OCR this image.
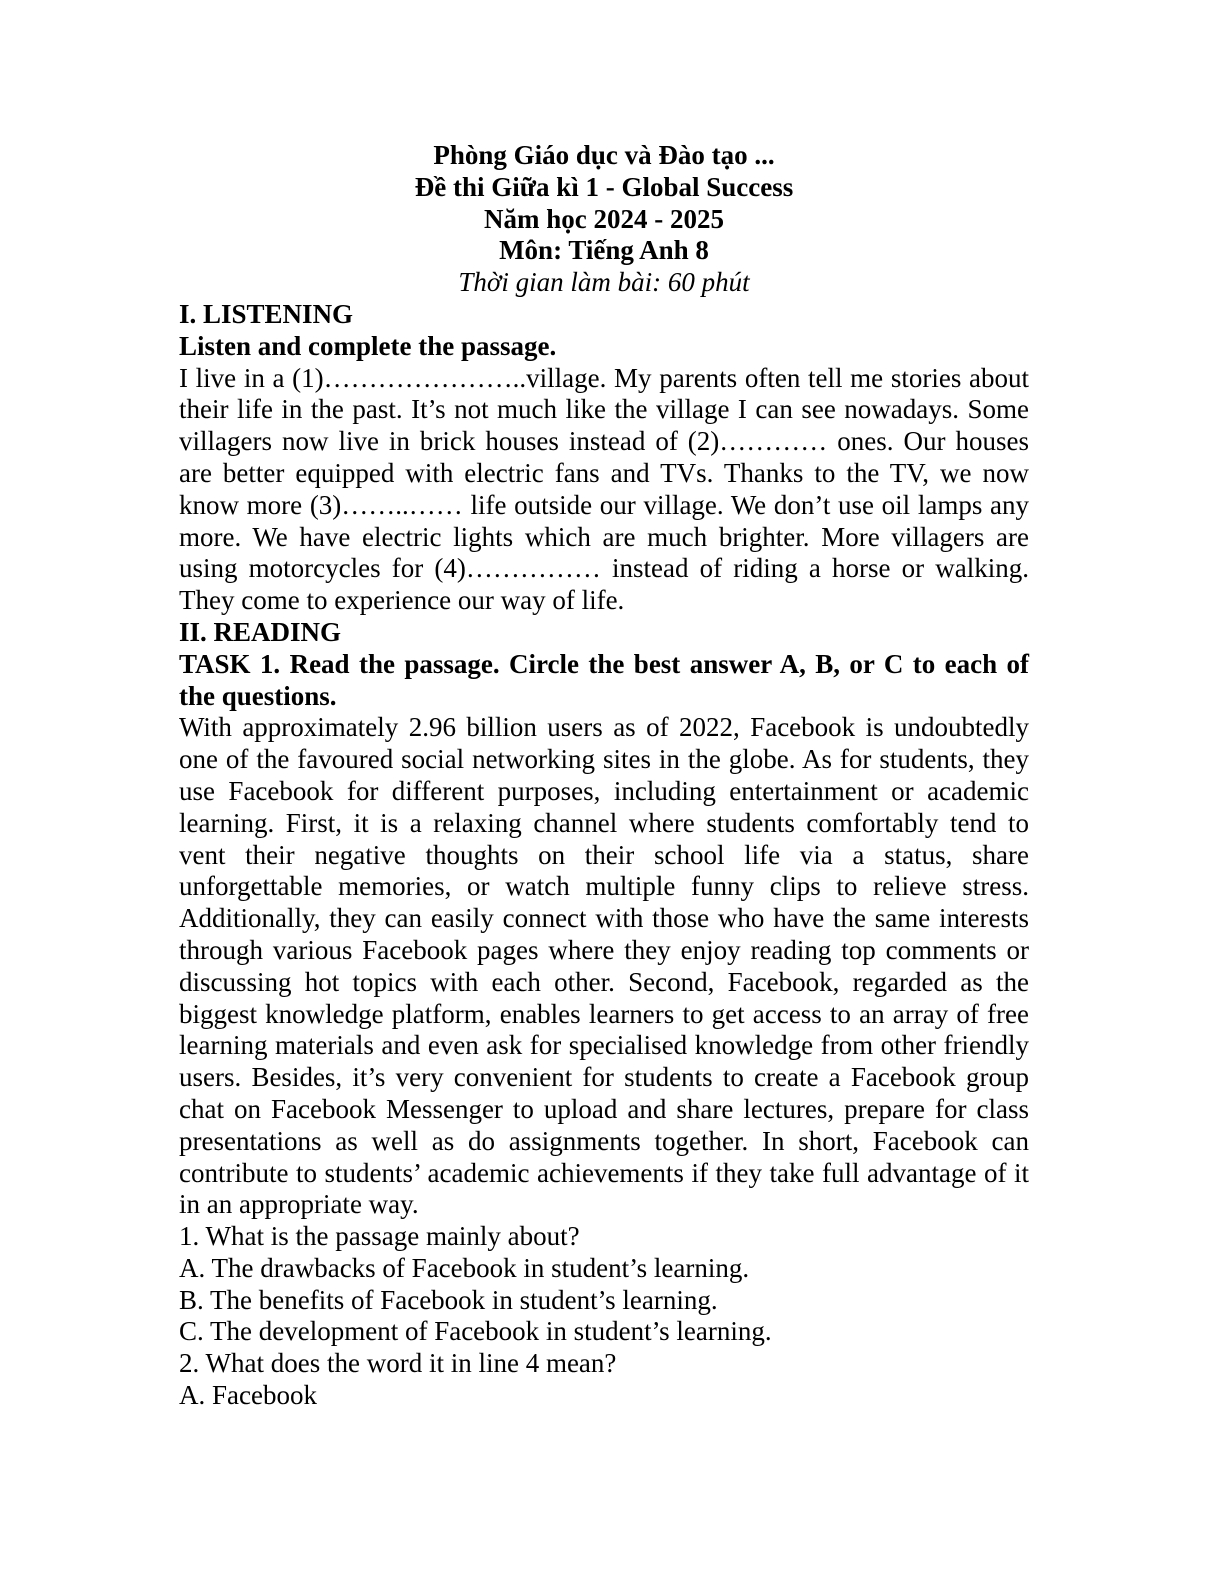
Phòng Giáo dục và Đào tạo ...

Đề thi Giữa kì 1 - Global Success

Năm học 2024 - 2025

Môn: Tiếng Anh 8

Thời gian làm bài: 60 phút

I. LISTENING

Listen and complete the passage.

I live in a (1)…………………..village. My parents often tell me stories about their life in the past. It’s not much like the village I can see nowadays. Some villagers now live in brick houses instead of (2)………… ones. Our houses are better equipped with electric fans and TVs. Thanks to the TV, we now know more (3)……..…… life outside our village. We don’t use oil lamps any more. We have electric lights which are much brighter. More villagers are using motorcycles for (4)…………… instead of riding a horse or walking. They come to experience our way of life.

II. READING

TASK 1. Read the passage. Circle the best answer A, B, or C to each of the questions.

With approximately 2.96 billion users as of 2022, Facebook is undoubtedly one of the favoured social networking sites in the globe. As for students, they use Facebook for different purposes, including entertainment or academic learning. First, it is a relaxing channel where students comfortably tend to vent their negative thoughts on their school life via a status, share unforgettable memories, or watch multiple funny clips to relieve stress. Additionally, they can easily connect with those who have the same interests through various Facebook pages where they enjoy reading top comments or discussing hot topics with each other. Second, Facebook, regarded as the biggest knowledge platform, enables learners to get access to an array of free learning materials and even ask for specialised knowledge from other friendly users. Besides, it’s very convenient for students to create a Facebook group chat on Facebook Messenger to upload and share lectures, prepare for class presentations as well as do assignments together. In short, Facebook can contribute to students’ academic achievements if they take full advantage of it in an appropriate way.

1. What is the passage mainly about?

A. The drawbacks of Facebook in student’s learning.

B. The benefits of Facebook in student’s learning.

C. The development of Facebook in student’s learning.

2. What does the word it in line 4 mean?

A. Facebook
